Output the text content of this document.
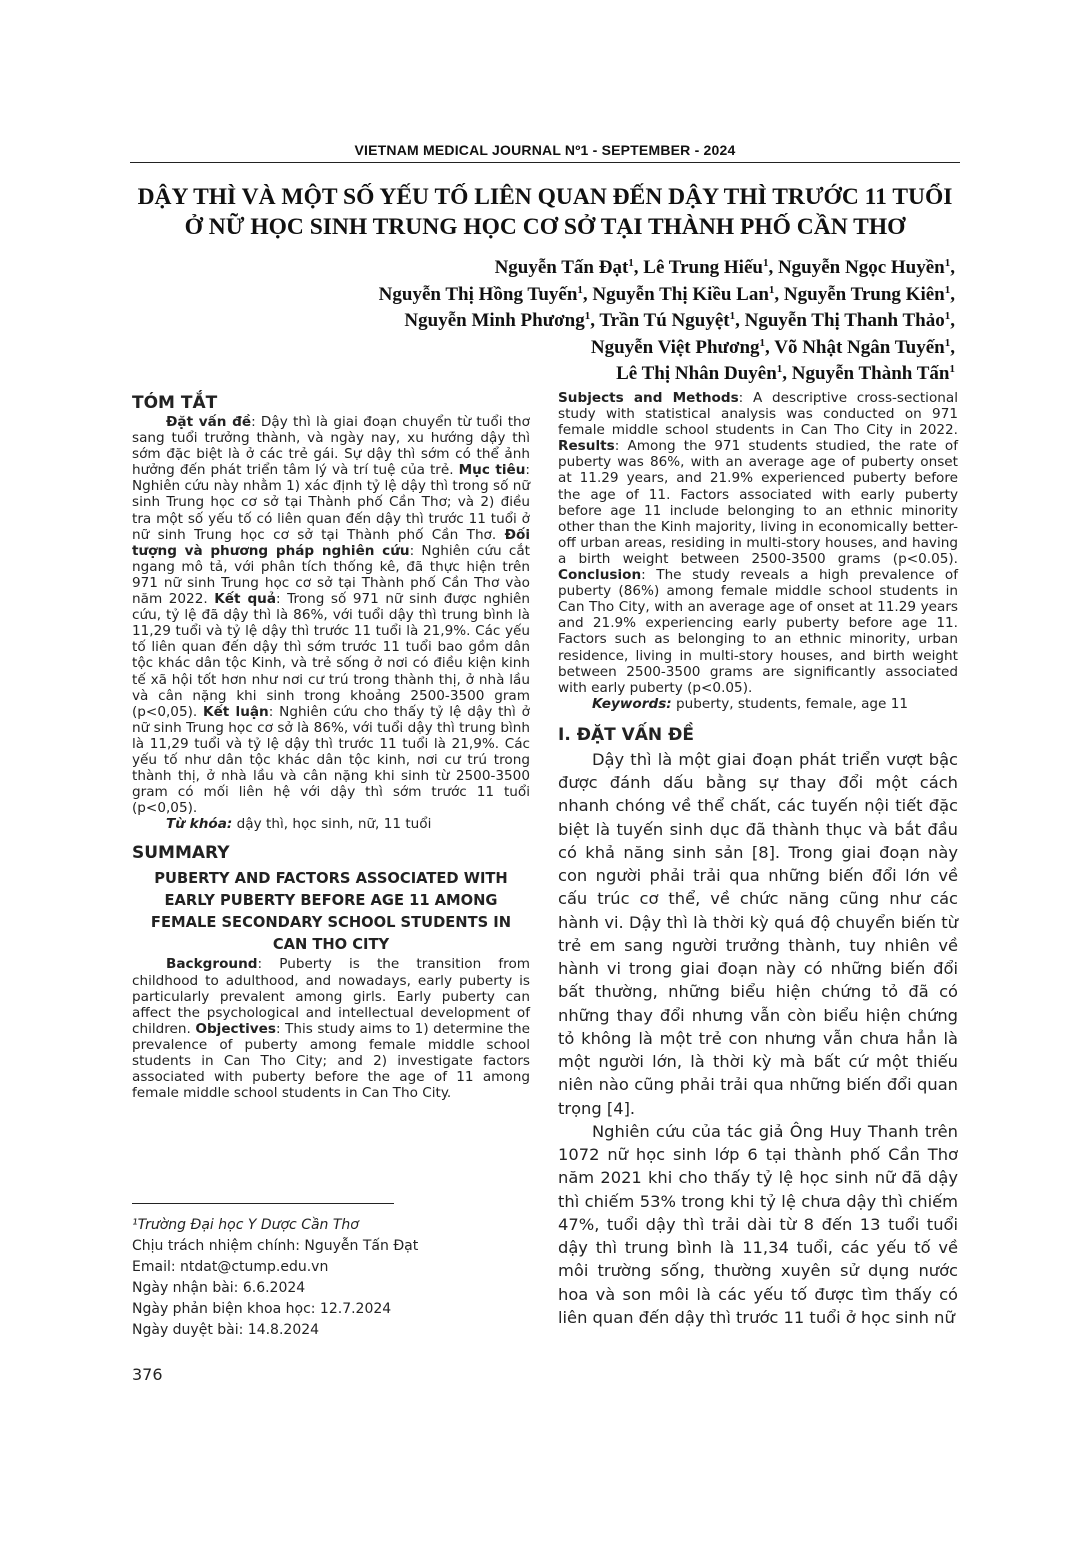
VIETNAM MEDICAL JOURNAL Nº1 - SEPTEMBER - 2024
DẬY THÌ VÀ MỘT SỐ YẾU TỐ LIÊN QUAN ĐẾN DẬY THÌ TRƯỚC 11 TUỔI
Ở NỮ HỌC SINH TRUNG HỌC CƠ SỞ TẠI THÀNH PHỐ CẦN THƠ
Nguyễn Tấn Đạt$^1$, Lê Trung Hiếu$^1$, Nguyễn Ngọc Huyền$^1$,
Nguyễn Thị Hồng Tuyến$^1$, Nguyễn Thị Kiều Lan$^1$, Nguyễn Trung Kiên$^1$,
Nguyễn Minh Phương$^1$, Trần Tú Nguyệt$^1$, Nguyễn Thị Thanh Thảo$^1$,
Nguyễn Việt Phương$^1$, Võ Nhật Ngân Tuyến$^1$,
Lê Thị Nhân Duyên$^1$, Nguyễn Thành Tấn$^1$
TÓM TẮT

Đặt vấn đề: Dậy thì là giai đoạn chuyển từ tuổi thơ sang tuổi trưởng thành, và ngày nay, xu hướng dậy thì sớm đặc biệt là ở các trẻ gái. Sự dậy thì sớm có thể ảnh hưởng đến phát triển tâm lý và trí tuệ của trẻ. Mục tiêu: Nghiên cứu này nhằm 1) xác định tỷ lệ dậy thì trong số nữ sinh Trung học cơ sở tại Thành phố Cần Thơ; và 2) điều tra một số yếu tố có liên quan đến dậy thì trước 11 tuổi ở nữ sinh Trung học cơ sở tại Thành phố Cần Thơ. Đối tượng và phương pháp nghiên cứu: Nghiên cứu cắt ngang mô tả, với phân tích thống kê, đã thực hiện trên 971 nữ sinh Trung học cơ sở tại Thành phố Cần Thơ vào năm 2022. Kết quả: Trong số 971 nữ sinh được nghiên cứu, tỷ lệ đã dậy thì là 86%, với tuổi dậy thì trung bình là 11,29 tuổi và tỷ lệ dậy thì trước 11 tuổi là 21,9%. Các yếu tố liên quan đến dậy thì sớm trước 11 tuổi bao gồm dân tộc khác dân tộc Kinh, và trẻ sống ở nơi có điều kiện kinh tế xã hội tốt hơn như nơi cư trú trong thành thị, ở nhà lầu và cân nặng khi sinh trong khoảng 2500-3500 gram (p<0,05). Kết luận: Nghiên cứu cho thấy tỷ lệ dậy thì ở nữ sinh Trung học cơ sở là 86%, với tuổi dậy thì trung bình là 11,29 tuổi và tỷ lệ dậy thì trước 11 tuổi là 21,9%. Các yếu tố như dân tộc khác dân tộc kinh, nơi cư trú trong thành thị, ở nhà lầu và cân nặng khi sinh từ 2500-3500 gram có mối liên hệ với dậy thì sớm trước 11 tuổi (p<0,05).

Từ khóa: dậy thì, học sinh, nữ, 11 tuổi

SUMMARY

PUBERTY AND FACTORS ASSOCIATED WITH EARLY PUBERTY BEFORE AGE 11 AMONG FEMALE SECONDARY SCHOOL STUDENTS IN CAN THO CITY

Background: Puberty is the transition from childhood to adulthood, and nowadays, early puberty is particularly prevalent among girls. Early puberty can affect the psychological and intellectual development of children. Objectives: This study aims to 1) determine the prevalence of puberty among female middle school students in Can Tho City; and 2) investigate factors associated with puberty before the age of 11 among female middle school students in Can Tho City.

¹Trường Đại học Y Dược Cần Thơ
Chịu trách nhiệm chính: Nguyễn Tấn Đạt
Email: ntdat@ctump.edu.vn
Ngày nhận bài: 6.6.2024
Ngày phản biện khoa học: 12.7.2024
Ngày duyệt bài: 14.8.2024
376

Subjects and Methods: A descriptive cross-sectional study with statistical analysis was conducted on 971 female middle school students in Can Tho City in 2022. Results: Among the 971 students studied, the rate of puberty was 86%, with an average age of puberty onset at 11.29 years, and 21.9% experienced puberty before the age of 11. Factors associated with early puberty before age 11 include belonging to an ethnic minority other than the Kinh majority, living in economically better-off urban areas, residing in multi-story houses, and having a birth weight between 2500-3500 grams (p<0.05). Conclusion: The study reveals a high prevalence of puberty (86%) among female middle school students in Can Tho City, with an average age of onset at 11.29 years and 21.9% experiencing early puberty before age 11. Factors such as belonging to an ethnic minority, urban residence, living in multi-story houses, and birth weight between 2500-3500 grams are significantly associated with early puberty (p<0.05).

Keywords: puberty, students, female, age 11

I. ĐẶT VẤN ĐỀ

Dậy thì là một giai đoạn phát triển vượt bậc được đánh dấu bằng sự thay đổi một cách nhanh chóng về thể chất, các tuyến nội tiết đặc biệt là tuyến sinh dục đã thành thục và bắt đầu có khả năng sinh sản [8]. Trong giai đoạn này con người phải trải qua những biến đổi lớn về cấu trúc cơ thể, về chức năng cũng như các hành vi. Dậy thì là thời kỳ quá độ chuyển biến từ trẻ em sang người trưởng thành, tuy nhiên về hành vi trong giai đoạn này có những biến đổi bất thường, những biểu hiện chứng tỏ đã có những thay đổi nhưng vẫn còn biểu hiện chứng tỏ không là một trẻ con nhưng vẫn chưa hẳn là một người lớn, là thời kỳ mà bất cứ một thiếu niên nào cũng phải trải qua những biến đổi quan trọng [4].

Nghiên cứu của tác giả Ông Huy Thanh trên 1072 nữ học sinh lớp 6 tại thành phố Cần Thơ năm 2021 khi cho thấy tỷ lệ học sinh nữ đã dậy thì chiếm 53% trong khi tỷ lệ chưa dậy thì chiếm 47%, tuổi dậy thì trải dài từ 8 đến 13 tuổi tuổi dậy thì trung bình là 11,34 tuổi, các yếu tố về môi trường sống, thường xuyên sử dụng nước hoa và son môi là các yếu tố được tìm thấy có liên quan đến dậy thì trước 11 tuổi ở học sinh nữ
